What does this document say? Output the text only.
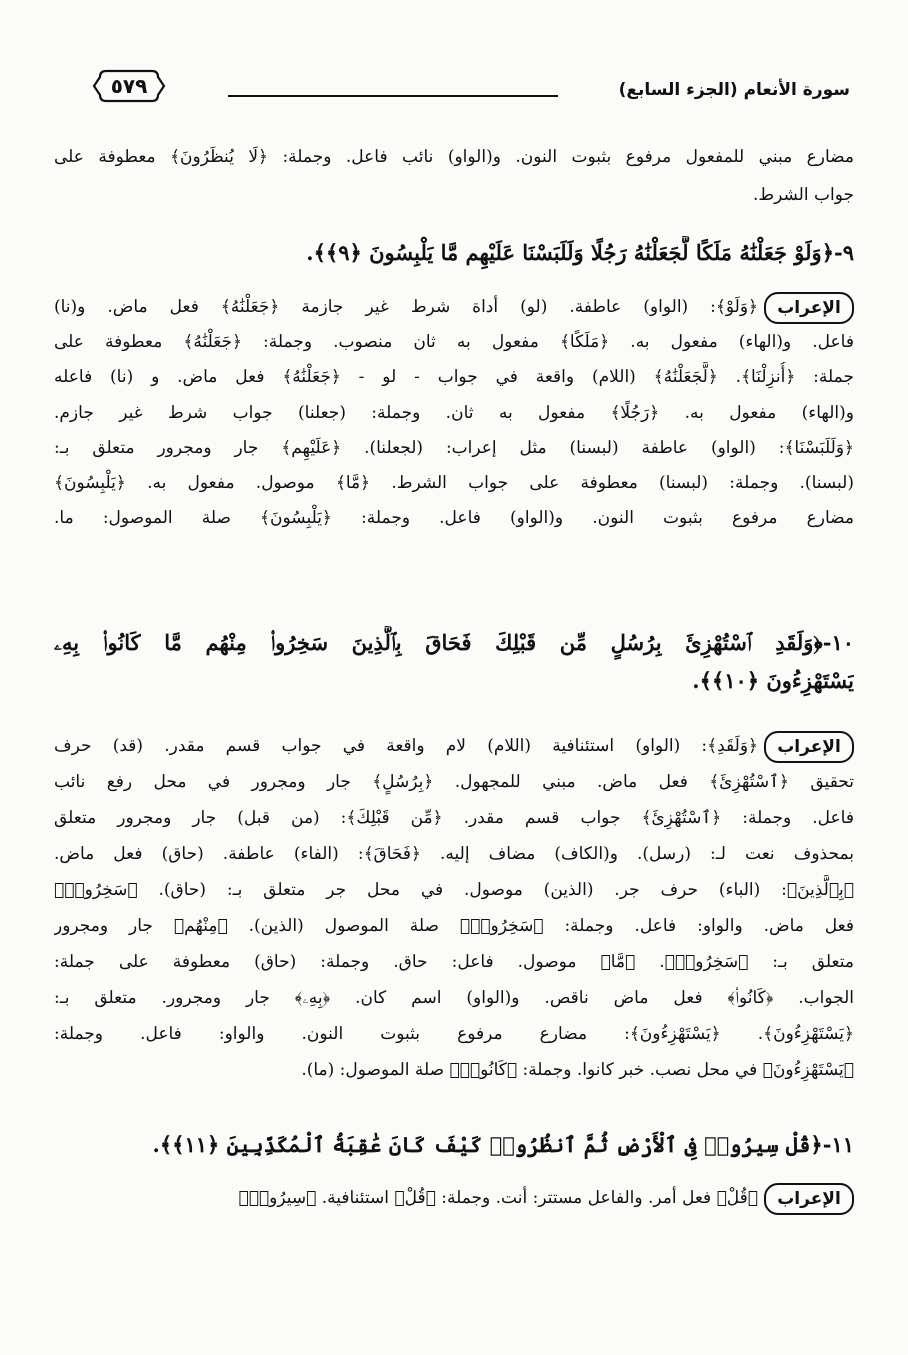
سورة الأنعام (الجزء السابع)
٥٧٩
مضارع مبني للمفعول مرفوع بثبوت النون. و(الواو) نائب فاعل. وجملة: ﴿لَا يُنظَرُونَ﴾ معطوفة على
جواب الشرط.
٩-﴿وَلَوْ جَعَلْنَٰهُ مَلَكًا لَّجَعَلْنَٰهُ رَجُلًا وَلَلَبَسْنَا عَلَيْهِم مَّا يَلْبِسُونَ ﴿٩﴾﴾.
الإعراب
﴿وَلَوْ﴾: (الواو) عاطفة. (لو) أداة شرط غير جازمة ﴿جَعَلْنَٰهُ﴾ فعل ماض. و(نا)
فاعل. و(الهاء) مفعول به. ﴿مَلَكًا﴾ مفعول به ثان منصوب. وجملة: ﴿جَعَلْنَٰهُ﴾ معطوفة على
جملة: ﴿أُنزِلْنَا﴾. ﴿لَّجَعَلْنَٰهُ﴾ (اللام) واقعة في جواب - لو - ﴿جَعَلْنَٰهُ﴾ فعل ماض. و (نا) فاعله
و(الهاء) مفعول به. ﴿رَجُلًا﴾ مفعول به ثان. وجملة: (جعلنا) جواب شرط غير جازم.
﴿وَلَلَبَسْنَا﴾: (الواو) عاطفة (لبسنا) مثل إعراب: (لجعلنا). ﴿عَلَيْهِم﴾ جار ومجرور متعلق بـ:
(لبسنا). وجملة: (لبسنا) معطوفة على جواب الشرط. ﴿مَّا﴾ موصول. مفعول به. ﴿يَلْبِسُونَ﴾
مضارع مرفوع بثبوت النون. و(الواو) فاعل. وجملة: ﴿يَلْبِسُونَ﴾ صلة الموصول: ما.
١٠-﴿وَلَقَدِ ٱسْتُهْزِئَ بِرُسُلٍ مِّن قَبْلِكَ فَحَاقَ بِٱلَّذِينَ سَخِرُوا۟ مِنْهُم مَّا كَانُوا۟ بِهِۦ
يَسْتَهْزِءُونَ ﴿١٠﴾﴾.
الإعراب
﴿وَلَقَدِ﴾: (الواو) استئنافية (اللام) لام واقعة في جواب قسم مقدر. (قد) حرف
تحقيق ﴿ٱسْتُهْزِئَ﴾ فعل ماض. مبني للمجهول. ﴿بِرُسُلٍ﴾ جار ومجرور في محل رفع نائب
فاعل. وجملة: ﴿ٱسْتُهْزِئَ﴾ جواب قسم مقدر. ﴿مِّن قَبْلِكَ﴾: (من قبل) جار ومجرور متعلق
بمحذوف نعت لـ: (رسل). و(الكاف) مضاف إليه. ﴿فَحَاقَ﴾: (الفاء) عاطفة. (حاق) فعل ماض.
﴿بِٱلَّذِينَ﴾: (الباء) حرف جر. (الذين) موصول. في محل جر متعلق بـ: (حاق). ﴿سَخِرُوا۟﴾
فعل ماض. والواو: فاعل. وجملة: ﴿سَخِرُوا۟﴾ صلة الموصول (الذين). ﴿مِنْهُم﴾ جار ومجرور
متعلق بـ: ﴿سَخِرُوا۟﴾. ﴿مَّا﴾ موصول. فاعل: حاق. وجملة: (حاق) معطوفة على جملة:
الجواب. ﴿كَانُوا۟﴾ فعل ماض ناقص. و(الواو) اسم كان. ﴿بِهِۦ﴾ جار ومجرور. متعلق بـ:
﴿يَسْتَهْزِءُونَ﴾. ﴿يَسْتَهْزِءُونَ﴾: مضارع مرفوع بثبوت النون. والواو: فاعل. وجملة:
﴿يَسْتَهْزِءُونَ﴾ في محل نصب. خبر كانوا. وجملة: ﴿كَانُوا۟﴾ صلة الموصول: (ما).
١١-﴿قُلْ سِيرُوا۟ فِى ٱلْأَرْضِ ثُمَّ ٱنظُرُوا۟ كَيْفَ كَانَ عَٰقِبَةُ ٱلْمُكَذِّبِينَ ﴿١١﴾﴾.
الإعراب
﴿قُلْ﴾ فعل أمر. والفاعل مستتر: أنت. وجملة: ﴿قُلْ﴾ استئنافية. ﴿سِيرُوا۟﴾
